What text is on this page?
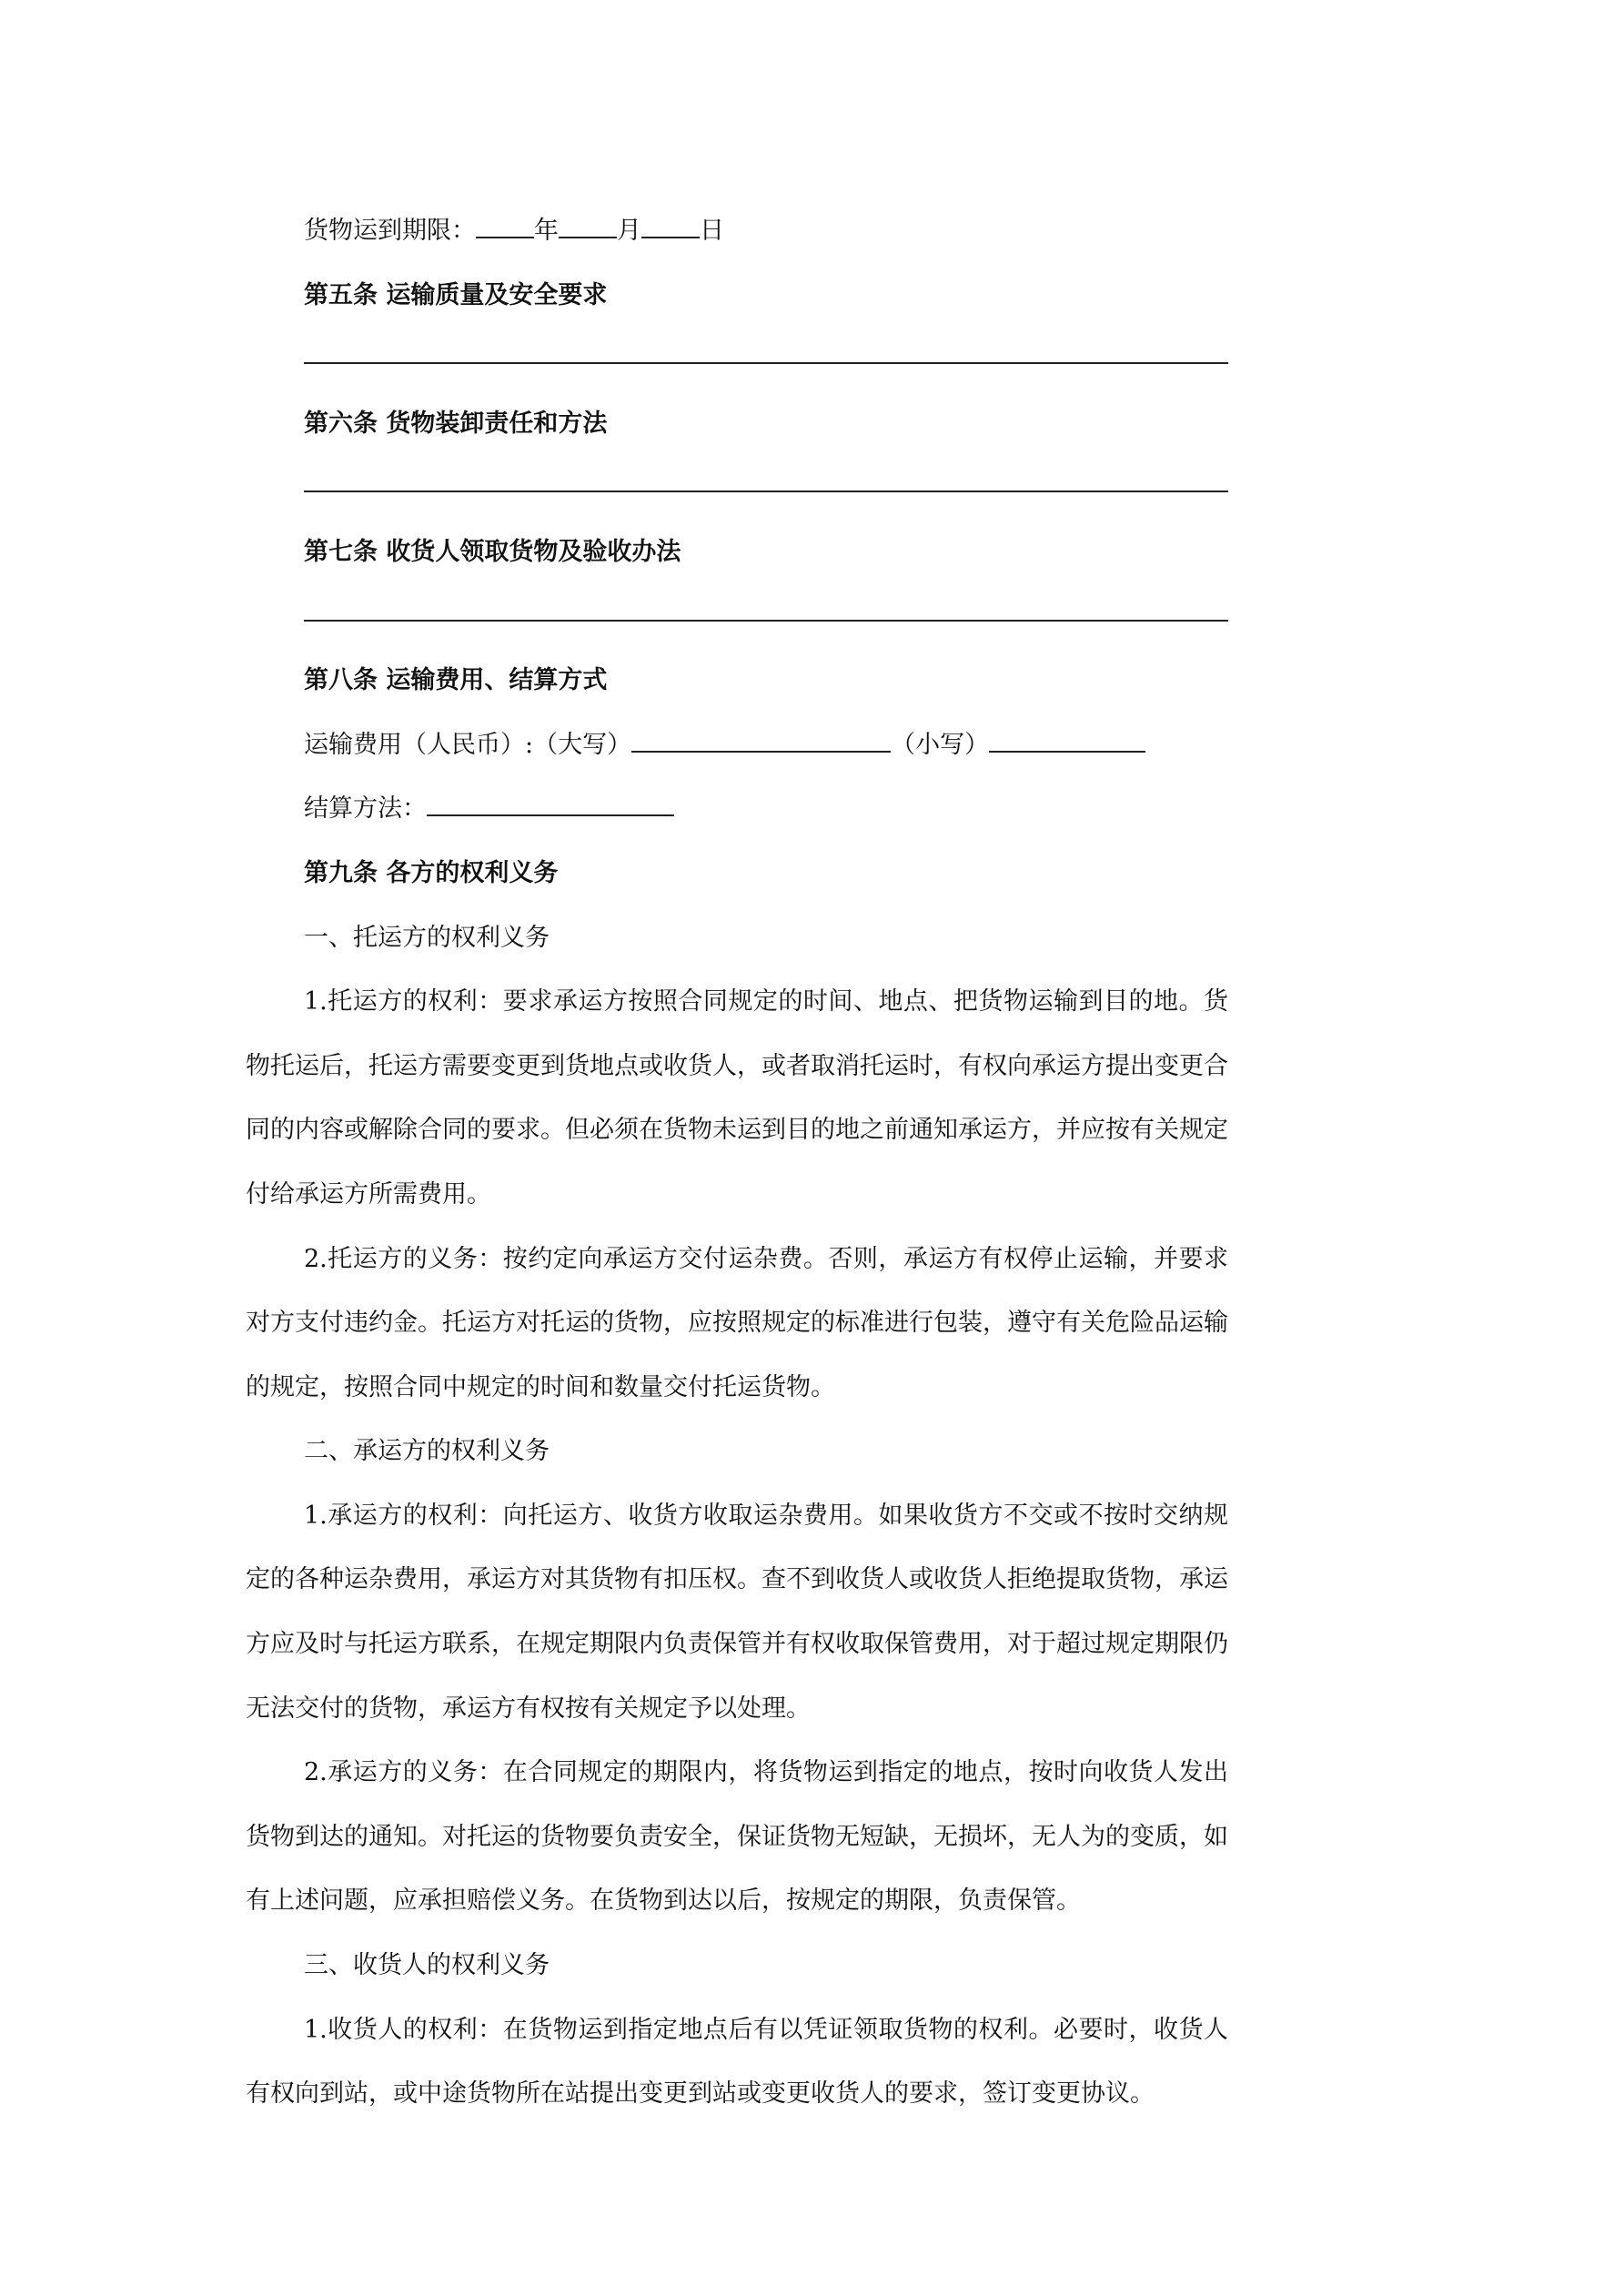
货物运到期限： 年 月 日
第五条 运输质量及安全要求
第六条 货物装卸责任和方法
第七条 收货人领取货物及验收办法
第八条 运输费用、结算方式
运输费用（人民币）:（大写）	（小写）
结算方法：
第九条 各方的权利义务
一、托运方的权利义务
1.托运方的权利：要求承运方按照合同规定的时间、地点、把货物运输到目的地。货物托运后，托运方需要变更到货地点或收货人，或者取消托运时，有权向承运方提出变更合同的内容或解除合同的要求。但必须在货物未运到目的地之前通知承运方，并应按有关规定付给承运方所需费用。
2.托运方的义务：按约定向承运方交付运杂费。否则，承运方有权停止运输，并要求对方支付违约金。托运方对托运的货物，应按照规定的标准进行包装，遵守有关危险品运输的规定，按照合同中规定的时间和数量交付托运货物。
二、承运方的权利义务
1.承运方的权利：向托运方、收货方收取运杂费用。如果收货方不交或不按时交纳规定的各种运杂费用，承运方对其货物有扣压权。查不到收货人或收货人拒绝提取货物，承运方应及时与托运方联系，在规定期限内负责保管并有权收取保管费用，对于超过规定期限仍无法交付的货物，承运方有权按有关规定予以处理。
2.承运方的义务：在合同规定的期限内，将货物运到指定的地点，按时向收货人发出货物到达的通知。对托运的货物要负责安全，保证货物无短缺，无损坏，无人为的变质，如有上述问题，应承担赔偿义务。在货物到达以后，按规定的期限，负责保管。
三、收货人的权利义务
1.收货人的权利：在货物运到指定地点后有以凭证领取货物的权利。必要时，收货人有权向到站，或中途货物所在站提出变更到站或变更收货人的要求，签订变更协议。
